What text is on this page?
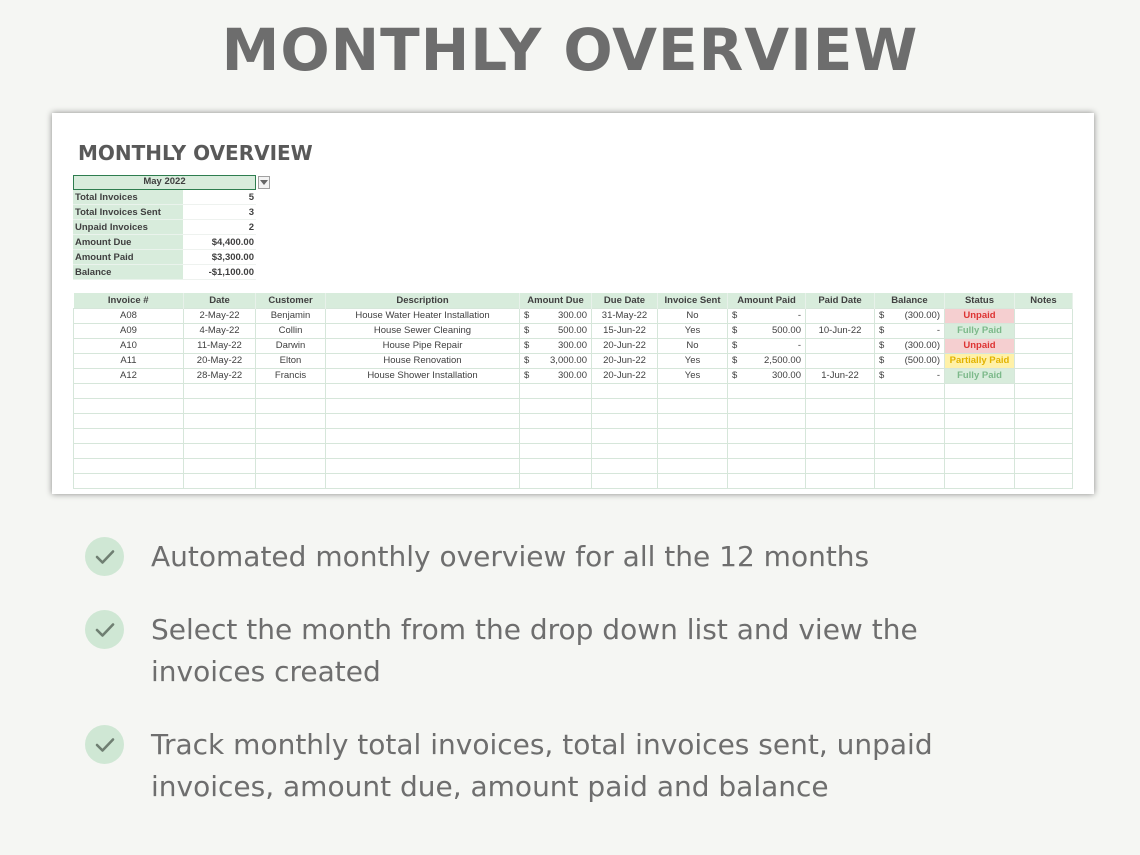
MONTHLY OVERVIEW
MONTHLY OVERVIEW
May 2022
Total Invoices	5
Total Invoices Sent	3
Unpaid Invoices	2
Amount Due	$4,400.00
Amount Paid	$3,300.00
Balance	-$1,100.00
Invoice #	Date	Customer	Description	Amount Due	Due Date	Invoice Sent	Amount Paid	Paid Date	Balance	Status	Notes
A08	2-May-22	Benjamin	House Water Heater Installation	$ 300.00	31-May-22	No	$ -		$ (300.00)	Unpaid	
A09	4-May-22	Collin	House Sewer Cleaning	$ 500.00	15-Jun-22	Yes	$ 500.00	10-Jun-22	$ -	Fully Paid	
A10	11-May-22	Darwin	House Pipe Repair	$ 300.00	20-Jun-22	No	$ -		$ (300.00)	Unpaid	
A11	20-May-22	Elton	House Renovation	$ 3,000.00	20-Jun-22	Yes	$ 2,500.00		$ (500.00)	Partially Paid	
A12	28-May-22	Francis	House Shower Installation	$ 300.00	20-Jun-22	Yes	$ 300.00	1-Jun-22	$ -	Fully Paid	

Automated monthly overview for all the 12 months
Select the month from the drop down list and view the invoices created
Track monthly total invoices, total invoices sent, unpaid invoices, amount due, amount paid and balance
